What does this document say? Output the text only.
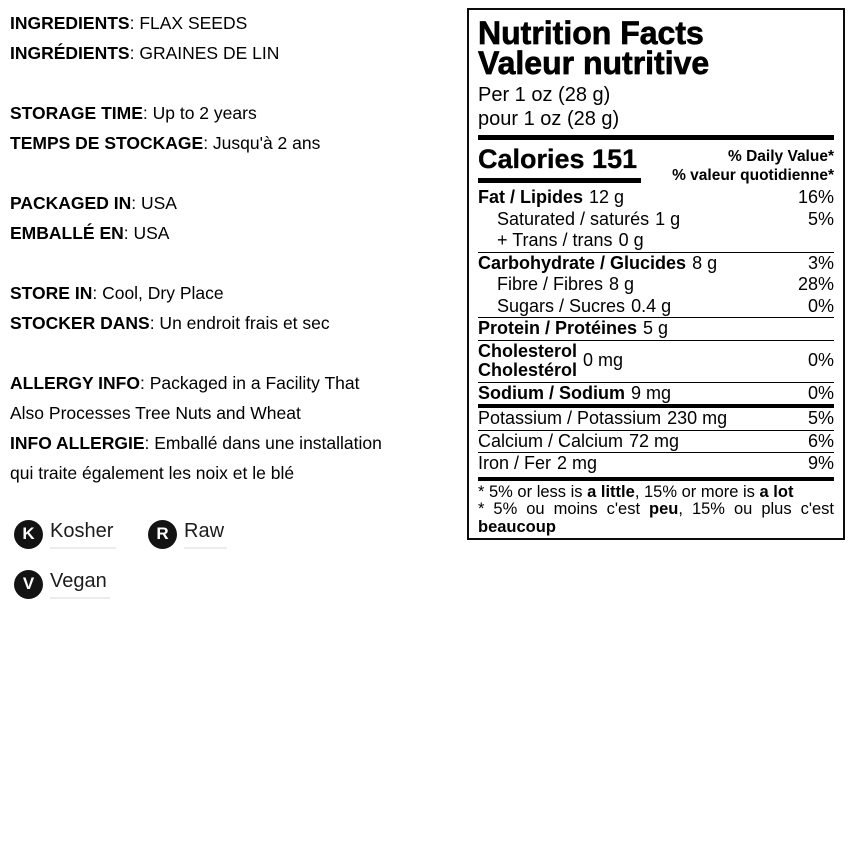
INGREDIENTS: FLAX SEEDS
INGRÉDIENTS: GRAINES DE LIN
STORAGE TIME: Up to 2 years
TEMPS DE STOCKAGE: Jusqu'à 2 ans
PACKAGED IN: USA
EMBALLÉ EN: USA
STORE IN: Cool, Dry Place
STOCKER DANS: Un endroit frais et sec
ALLERGY INFO: Packaged in a Facility That
Also Processes Tree Nuts and Wheat
INFO ALLERGIE: Emballé dans une installation
qui traite également les noix et le blé
K Kosher	R Raw
V Vegan
Nutrition Facts
Valeur nutritive
Per 1 oz (28 g)
pour 1 oz (28 g)
Calories 151	% Daily Value*
% valeur quotidienne*
Fat / Lipides 12 g	16%
Saturated / saturés 1 g	5%
+ Trans / trans 0 g
Carbohydrate / Glucides 8 g	3%
Fibre / Fibres 8 g	28%
Sugars / Sucres 0.4 g	0%
Protein / Protéines 5 g
Cholesterol
Cholestérol 0 mg	0%
Sodium / Sodium 9 mg	0%
Potassium / Potassium 230 mg	5%
Calcium / Calcium 72 mg	6%
Iron / Fer 2 mg	9%
* 5% or less is a little, 15% or more is a lot
* 5% ou moins c'est peu, 15% ou plus c'est beaucoup
